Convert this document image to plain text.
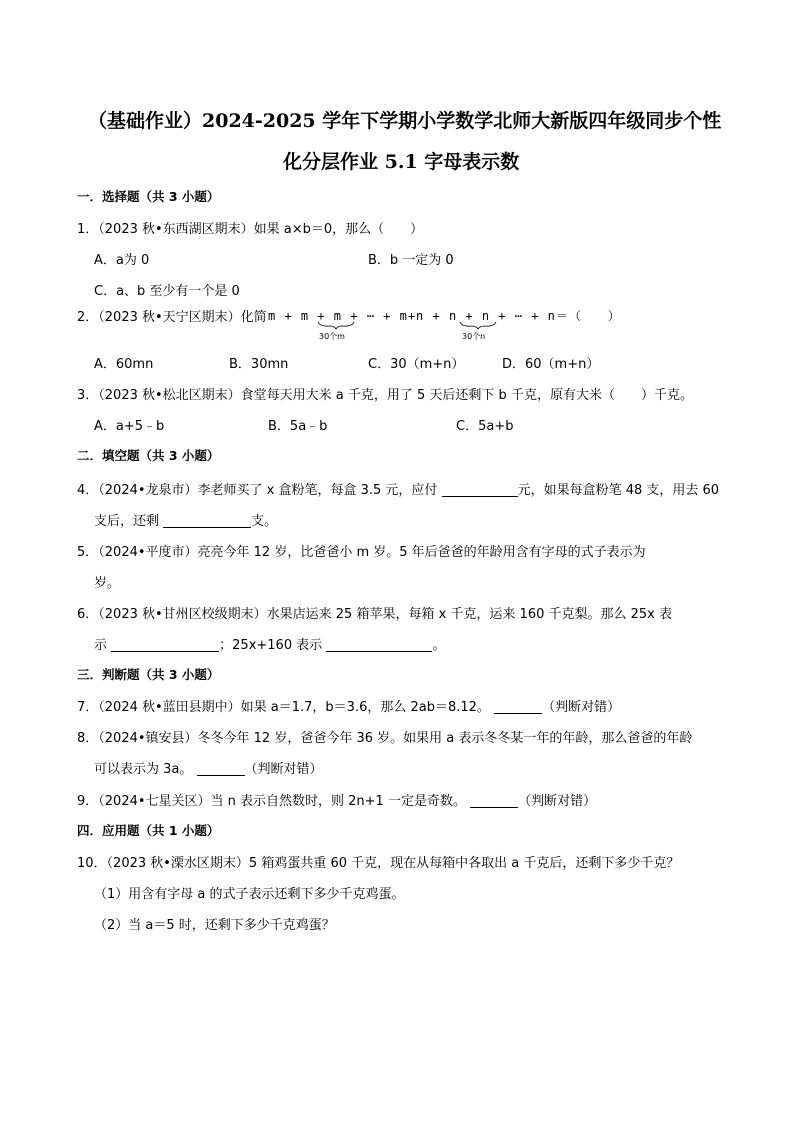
（基础作业）2024-2025 学年下学期小学数学北师大新版四年级同步个性
化分层作业 5.1 字母表示数
一．选择题（共 3 小题）
1．（2023 秋•东西湖区期末）如果 a×b＝0，那么（　　）
A．a为 0	B．b 一定为 0
C．a、b 至少有一个是 0
2．（2023 秋•天宁区期末）化简 m + m + m + ⋯ + m+n + n + n + ⋯ + n＝（　　）
30个m	30个n
A．60mn	B．30mn	C．30（m+n）	D．60（m+n）
3．（2023 秋•松北区期末）食堂每天用大米 a 千克，用了 5 天后还剩下 b 千克，原有大米（　　）千克。
A．a+5﹣b	B．5a﹣b	C．5a+b
二．填空题（共 3 小题）
4．（2024•龙泉市）李老师买了 x 盒粉笔，每盒 3.5 元，应付	元，如果每盒粉笔 48 支，用去 60
支后，还剩	支。
5．（2024•平度市）亮亮今年 12 岁，比爸爸小 m 岁。5 年后爸爸的年龄用含有字母的式子表示为
岁。
6．（2023 秋•甘州区校级期末）水果店运来 25 箱苹果，每箱 x 千克，运来 160 千克梨。那么 25x 表
示	；25x+160 表示	。
三．判断题（共 3 小题）
7．（2024 秋•蓝田县期中）如果 a＝1.7，b＝3.6，那么 2ab＝8.12。	（判断对错）
8．（2024•镇安县）冬冬今年 12 岁，爸爸今年 36 岁。如果用 a 表示冬冬某一年的年龄，那么爸爸的年龄
可以表示为 3a。	（判断对错）
9．（2024•七星关区）当 n 表示自然数时，则 2n+1 一定是奇数。	（判断对错）
四．应用题（共 1 小题）
10．（2023 秋•溧水区期末）5 箱鸡蛋共重 60 千克，现在从每箱中各取出 a 千克后，还剩下多少千克？
（1）用含有字母 a 的式子表示还剩下多少千克鸡蛋。
（2）当 a＝5 时，还剩下多少千克鸡蛋？
